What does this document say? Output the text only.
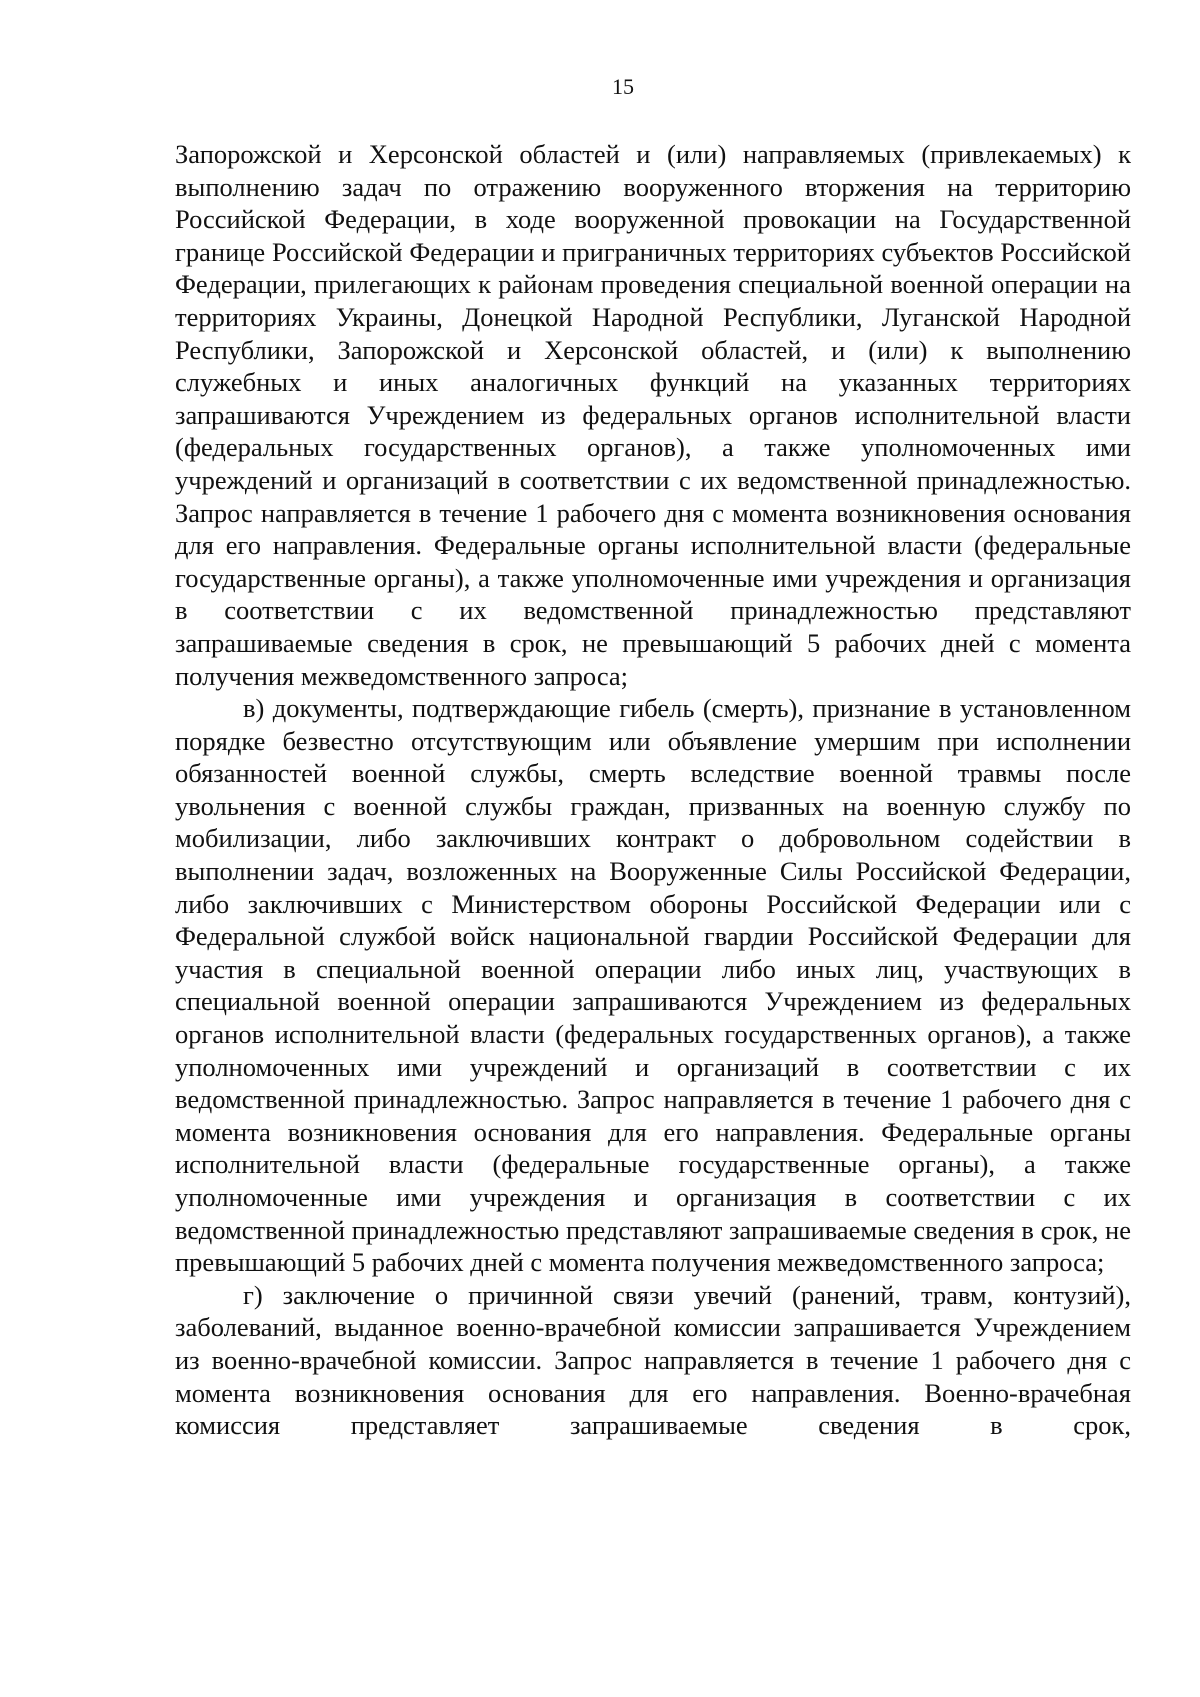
15

Запорожской и Херсонской областей и (или) направляемых (привлекаемых) к выполнению задач по отражению вооруженного вторжения на территорию Российской Федерации, в ходе вооруженной провокации на Государственной границе Российской Федерации и приграничных территориях субъектов Российской Федерации, прилегающих к районам проведения специальной военной операции на территориях Украины, Донецкой Народной Республики, Луганской Народной Республики, Запорожской и Херсонской областей, и (или) к выполнению служебных и иных аналогичных функций на указанных территориях запрашиваются Учреждением из федеральных органов исполнительной власти (федеральных государственных органов), а также уполномоченных ими учреждений и организаций в соответствии с их ведомственной принадлежностью. Запрос направляется в течение 1 рабочего дня с момента возникновения основания для его направления. Федеральные органы исполнительной власти (федеральные государственные органы), а также уполномоченные ими учреждения и организация в соответствии с их ведомственной принадлежностью представляют запрашиваемые сведения в срок, не превышающий 5 рабочих дней с момента получения межведомственного запроса;

в) документы, подтверждающие гибель (смерть), признание в установленном порядке безвестно отсутствующим или объявление умершим при исполнении обязанностей военной службы, смерть вследствие военной травмы после увольнения с военной службы граждан, призванных на военную службу по мобилизации, либо заключивших контракт о добровольном содействии в выполнении задач, возложенных на Вооруженные Силы Российской Федерации, либо заключивших с Министерством обороны Российской Федерации или с Федеральной службой войск национальной гвардии Российской Федерации для участия в специальной военной операции либо иных лиц, участвующих в специальной военной операции запрашиваются Учреждением из федеральных органов исполнительной власти (федеральных государственных органов), а также уполномоченных ими учреждений и организаций в соответствии с их ведомственной принадлежностью. Запрос направляется в течение 1 рабочего дня с момента возникновения основания для его направления. Федеральные органы исполнительной власти (федеральные государственные органы), а также уполномоченные ими учреждения и организация в соответствии с их ведомственной принадлежностью представляют запрашиваемые сведения в срок, не превышающий 5 рабочих дней с момента получения межведомственного запроса;

г) заключение о причинной связи увечий (ранений, травм, контузий), заболеваний, выданное военно-врачебной комиссии запрашивается Учреждением из военно-врачебной комиссии. Запрос направляется в течение 1 рабочего дня с момента возникновения основания для его направления. Военно-врачебная комиссия представляет запрашиваемые сведения в срок,
